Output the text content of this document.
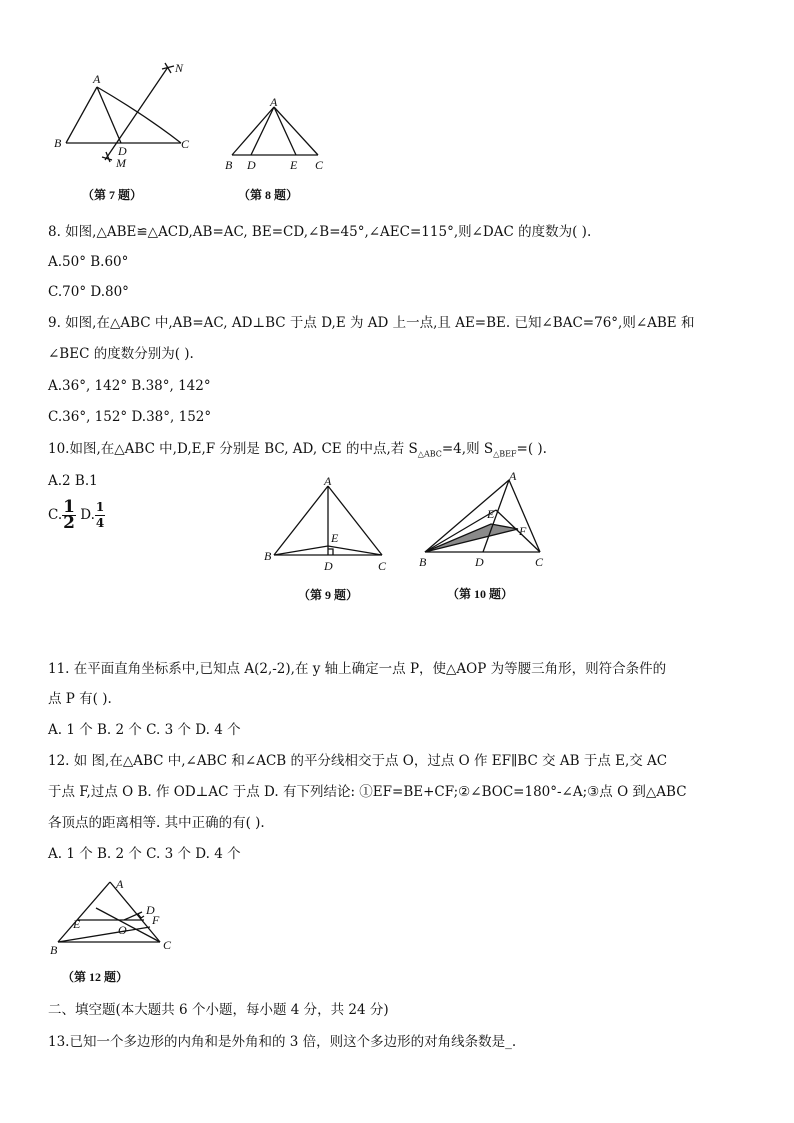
A
B	C
D
M
N
（第 7 题）
A
B D	E C
（第 8 题）
8. 如图,△ABE≌△ACD,AB=AC, BE=CD,∠B=45°,∠AEC=115°,则∠DAC 的度数为( ).
A.50° B.60°
C.70° D.80°
9. 如图,在△ABC 中,AB=AC, AD⊥BC 于点 D,E 为 AD 上一点,且 AE=BE. 已知∠BAC=76°,则∠ABE 和
∠BEC 的度数分别为( ).
A.36°, 142° B.38°, 142°
C.36°, 152° D.38°, 152°
10.如图,在△ABC 中,D,E,F 分别是 BC, AD, CE 的中点,若 $S_{\triangle ABC}=4$,则 $S_{\triangle BEF}=$( ).
A.2 B.1
C. $\frac{1}{2} D$. $\frac{1}{4}$
A
B
C
D
E
（第 9 题）
A
B	C
D
E
F
（第 10 题）
11. 在平面直角坐标系中,已知点 A(2,-2),在 y 轴上确定一点 P，使△AOP 为等腰三角形，则符合条件的
点 P 有( ).
A. 1 个 B. 2 个 C. 3 个 D. 4 个
12. 如 图,在△ABC 中,∠ABC 和∠ACB 的平分线相交于点 O，过点 O 作 EF∥BC 交 AB 于点 E,交 AC
于点 F,过点 O B. 作 OD⊥AC 于点 D. 有下列结论: ①EF=BE+CF;②∠BOC=180°-∠A;③点 O 到△ABC
各顶点的距离相等. 其中正确的有( ).
A. 1 个 B. 2 个 C. 3 个 D. 4 个
A
B	C
D
E	F
O
（第 12 题）
二、填空题(本大题共 6 个小题，每小题 4 分，共 24 分)
13.已知一个多边形的内角和是外角和的 3 倍，则这个多边形的对角线条数是_.
